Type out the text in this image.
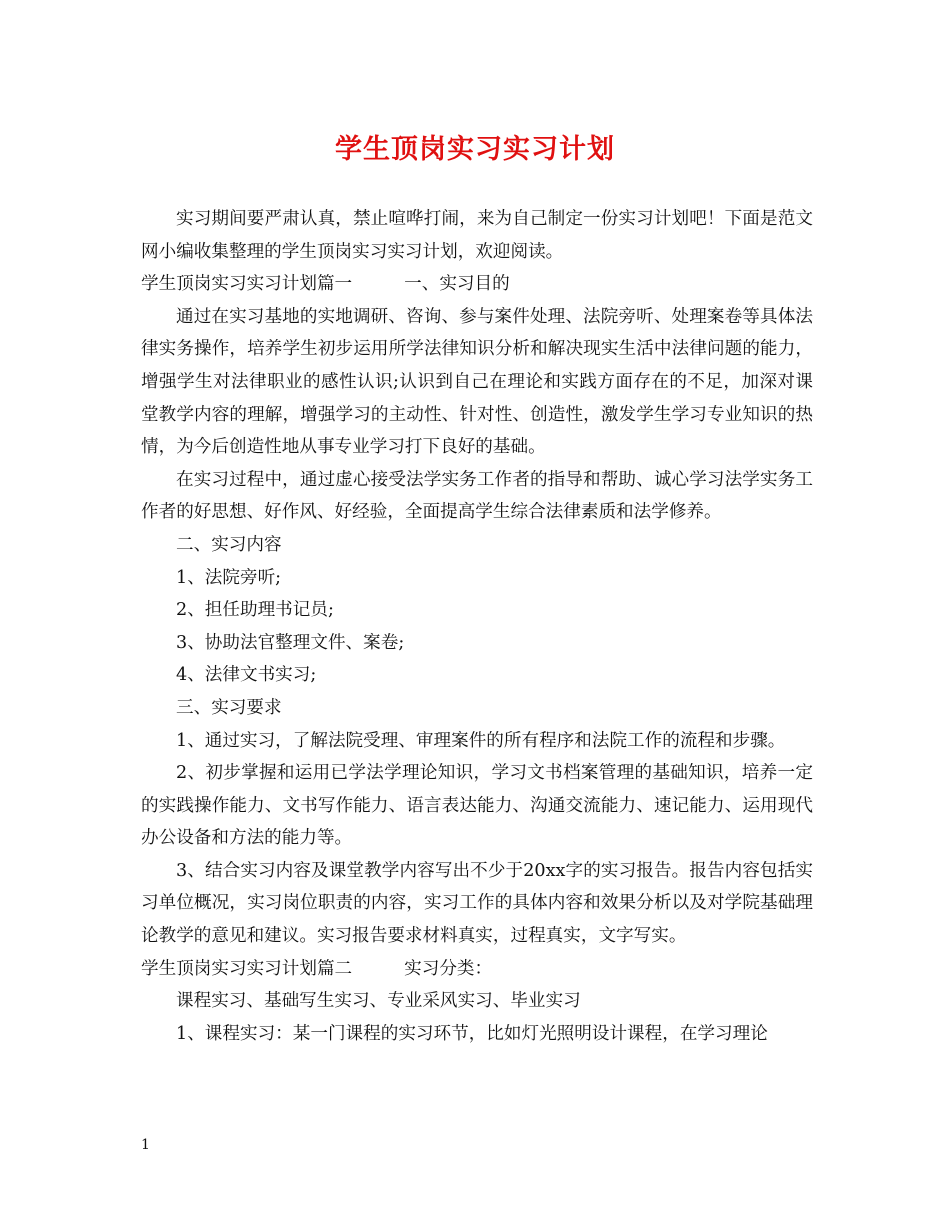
学生顶岗实习实习计划

实习期间要严肃认真，禁止喧哗打闹，来为自己制定一份实习计划吧！下面是范文网小编收集整理的学生顶岗实习实习计划，欢迎阅读。

学生顶岗实习实习计划篇一	一、实习目的

通过在实习基地的实地调研、咨询、参与案件处理、法院旁听、处理案卷等具体法律实务操作，培养学生初步运用所学法律知识分析和解决现实生活中法律问题的能力，增强学生对法律职业的感性认识;认识到自己在理论和实践方面存在的不足，加深对课堂教学内容的理解，增强学习的主动性、针对性、创造性，激发学生学习专业知识的热情，为今后创造性地从事专业学习打下良好的基础。

在实习过程中，通过虚心接受法学实务工作者的指导和帮助、诚心学习法学实务工作者的好思想、好作风、好经验，全面提高学生综合法律素质和法学修养。

二、实习内容

1、法院旁听;

2、担任助理书记员;

3、协助法官整理文件、案卷;

4、法律文书实习;

三、实习要求

1、通过实习，了解法院受理、审理案件的所有程序和法院工作的流程和步骤。

2、初步掌握和运用已学法学理论知识，学习文书档案管理的基础知识，培养一定的实践操作能力、文书写作能力、语言表达能力、沟通交流能力、速记能力、运用现代办公设备和方法的能力等。

3、结合实习内容及课堂教学内容写出不少于20xx字的实习报告。报告内容包括实习单位概况，实习岗位职责的内容，实习工作的具体内容和效果分析以及对学院基础理论教学的意见和建议。实习报告要求材料真实，过程真实，文字写实。

学生顶岗实习实习计划篇二	实习分类：

课程实习、基础写生实习、专业采风实习、毕业实习

1、课程实习：某一门课程的实习环节，比如灯光照明设计课程，在学习理论

1
